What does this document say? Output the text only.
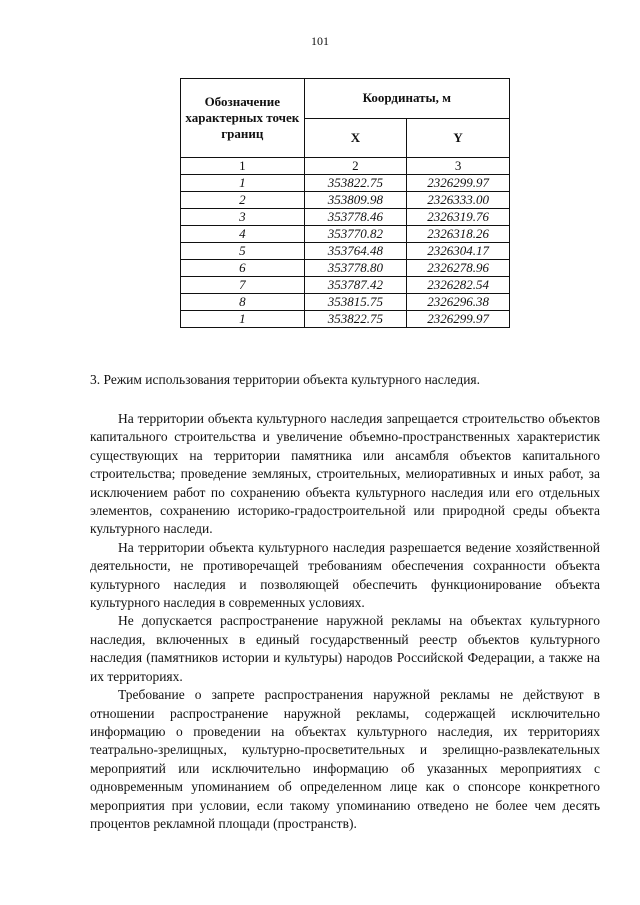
101
Обозначение характерных точек границ	Координаты, м	
	X	Y
1	2	3
1	353822.75	2326299.97
2	353809.98	2326333.00
3	353778.46	2326319.76
4	353770.82	2326318.26
5	353764.48	2326304.17
6	353778.80	2326278.96
7	353787.42	2326282.54
8	353815.75	2326296.38
1	353822.75	2326299.97
3. Режим использования территории объекта культурного наследия.

На территории объекта культурного наследия запрещается строительство объектов капитального строительства и увеличение объемно-пространственных характеристик существующих на территории памятника или ансамбля объектов капитального строительства; проведение земляных, строительных, мелиоративных и иных работ, за исключением работ по сохранению объекта культурного наследия или его отдельных элементов, сохранению историко-градостроительной или природной среды объекта культурного наследи.

На территории объекта культурного наследия разрешается ведение хозяйственной деятельности, не противоречащей требованиям обеспечения сохранности объекта культурного наследия и позволяющей обеспечить функционирование объекта культурного наследия в современных условиях.

Не допускается распространение наружной рекламы на объектах культурного наследия, включенных в единый государственный реестр объектов культурного наследия (памятников истории и культуры) народов Российской Федерации, а также на их территориях.

Требование о запрете распространения наружной рекламы не действуют в отношении распространение наружной рекламы, содержащей исключительно информацию о проведении на объектах культурного наследия, их территориях театрально-зрелищных, культурно-просветительных и зрелищно-развлекательных мероприятий или исключительно информацию об указанных мероприятиях с одновременным упоминанием об определенном лице как о спонсоре конкретного мероприятия при условии, если такому упоминанию отведено не более чем десять процентов рекламной площади (пространств).
